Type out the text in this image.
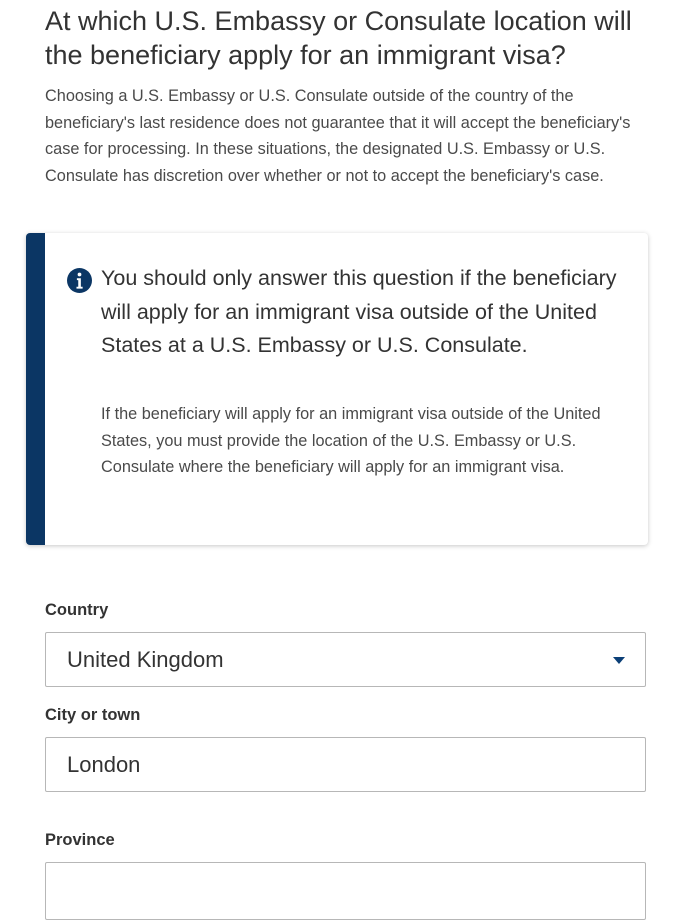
At which U.S. Embassy or Consulate location will the beneficiary apply for an immigrant visa?

Choosing a U.S. Embassy or U.S. Consulate outside of the country of the beneficiary's last residence does not guarantee that it will accept the beneficiary's case for processing. In these situations, the designated U.S. Embassy or U.S. Consulate has discretion over whether or not to accept the beneficiary's case.

You should only answer this question if the beneficiary will apply for an immigrant visa outside of the United States at a U.S. Embassy or U.S. Consulate.

If the beneficiary will apply for an immigrant visa outside of the United States, you must provide the location of the U.S. Embassy or U.S. Consulate where the beneficiary will apply for an immigrant visa.

Country
United Kingdom
City or town
London
Province
